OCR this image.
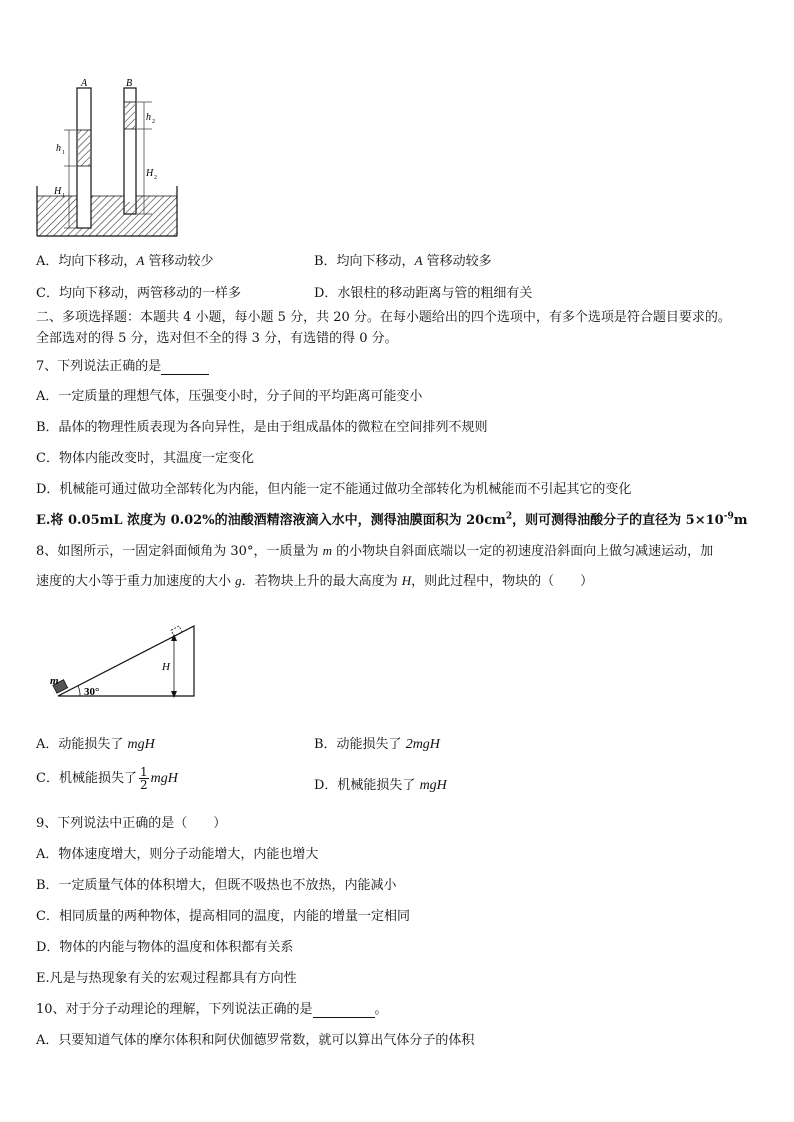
A	B
h 1
h 2
H 1
H 2
A．均向下移动，A 管移动较少	B．均向下移动，A 管移动较多
C．均向下移动，两管移动的一样多	D．水银柱的移动距离与管的粗细有关
二、多项选择题：本题共 4 小题，每小题 5 分，共 20 分。在每小题给出的四个选项中，有多个选项是符合题目要求的。
全部选对的得 5 分，选对但不全的得 3 分，有选错的得 0 分。
7、下列说法正确的是
A．一定质量的理想气体，压强变小时，分子间的平均距离可能变小
B．晶体的物理性质表现为各向异性，是由于组成晶体的微粒在空间排列不规则
C．物体内能改变时，其温度一定变化
D．机械能可通过做功全部转化为内能，但内能一定不能通过做功全部转化为机械能而不引起其它的变化
E.将 0.05mL 浓度为 0.02%的油酸酒精溶液滴入水中，测得油膜面积为 $20cm^2$，则可测得油酸分子的直径为 $5\times 10^{-9}m$
8、如图所示，一固定斜面倾角为 30°，一质量为 m 的小物块自斜面底端以一定的初速度沿斜面向上做匀减速运动，加
速度的大小等于重力加速度的大小 g．若物块上升的最大高度为 H，则此过程中，物块的（　　）
m
30°
H
A．动能损失了 mgH	B．动能损失了 2mgH
C．机械能损失了 $\frac{1}{2}$ mgH	D．机械能损失了 mgH
9、下列说法中正确的是（　　）
A．物体速度增大，则分子动能增大，内能也增大
B．一定质量气体的体积增大，但既不吸热也不放热，内能减小
C．相同质量的两种物体，提高相同的温度，内能的增量一定相同
D．物体的内能与物体的温度和体积都有关系
E.凡是与热现象有关的宏观过程都具有方向性
10、对于分子动理论的理解，下列说法正确的是	。
A．只要知道气体的摩尔体积和阿伏伽德罗常数，就可以算出气体分子的体积
